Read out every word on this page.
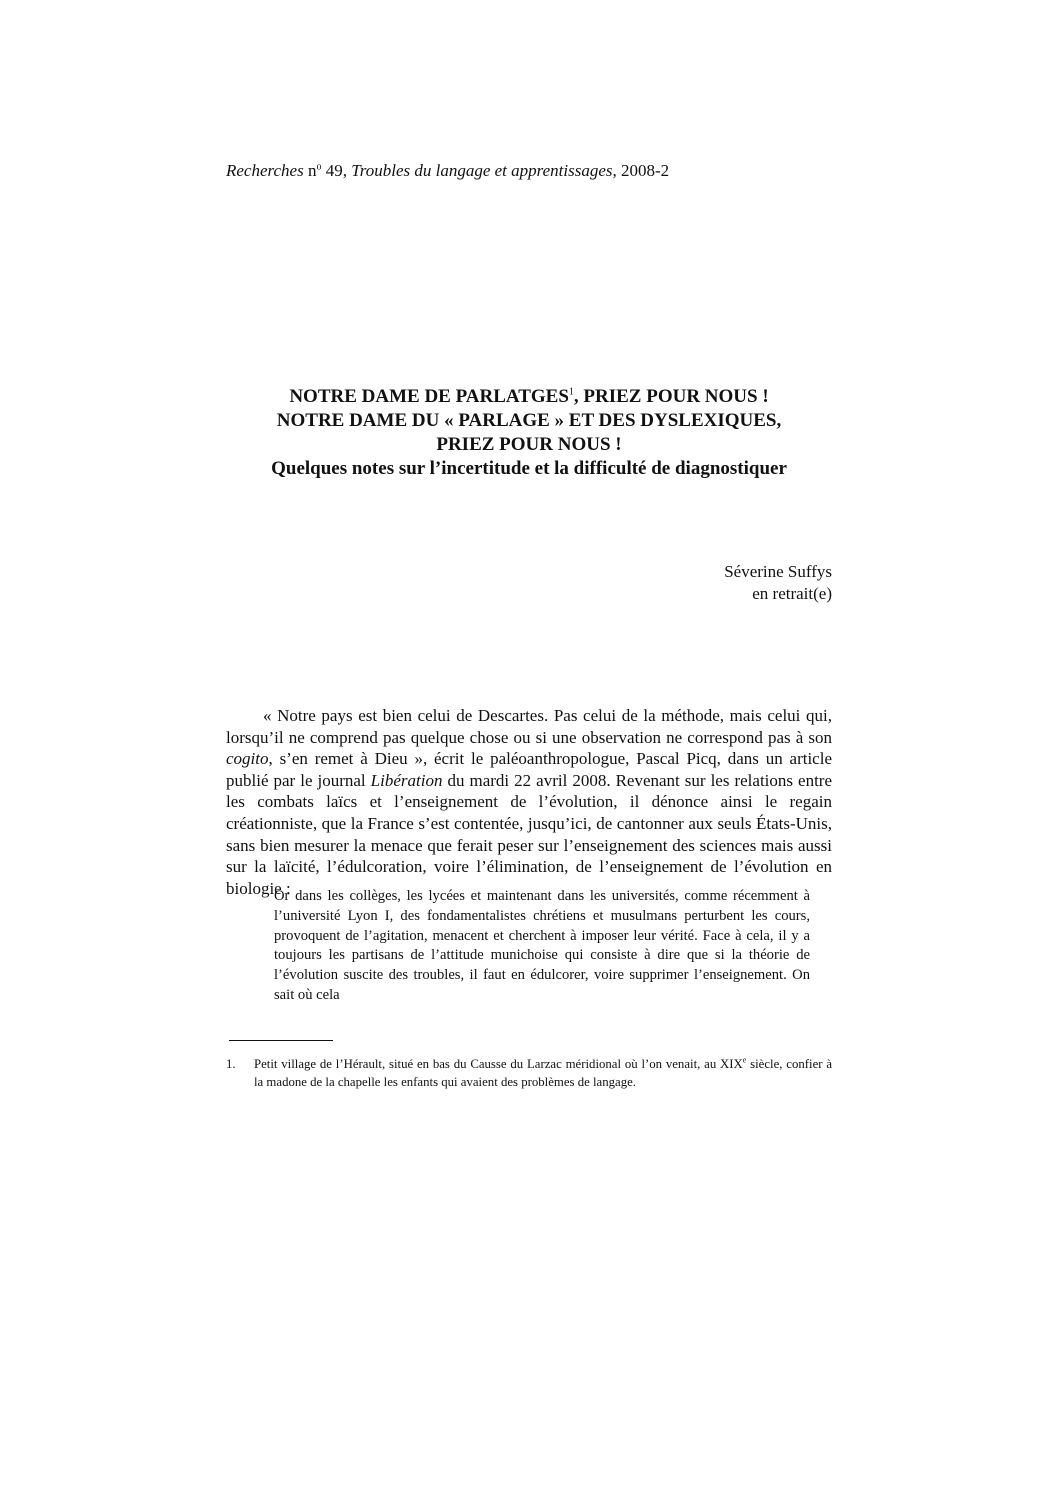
Recherches $n^o$ 49, Troubles du langage et apprentissages, 2008-2
NOTRE DAME DE PARLATGES$^1$, PRIEZ POUR NOUS !
NOTRE DAME DU « PARLAGE » ET DES DYSLEXIQUES,
PRIEZ POUR NOUS !
Quelques notes sur l’incertitude et la difficulté de diagnostiquer
Séverine Suffys
en retrait(e)

« Notre pays est bien celui de Descartes. Pas celui de la méthode, mais celui qui, lorsqu’il ne comprend pas quelque chose ou si une observation ne correspond pas à son cogito, s’en remet à Dieu », écrit le paléoanthropologue, Pascal Picq, dans un article publié par le journal Libération du mardi 22 avril 2008. Revenant sur les relations entre les combats laïcs et l’enseignement de l’évolution, il dénonce ainsi le regain créationniste, que la France s’est contentée, jusqu’ici, de cantonner aux seuls États-Unis, sans bien mesurer la menace que ferait peser sur l’enseignement des sciences mais aussi sur la laïcité, l’édulcoration, voire l’élimination, de l’enseignement de l’évolution en biologie :

Or dans les collèges, les lycées et maintenant dans les universités, comme récemment à l’université Lyon I, des fondamentalistes chrétiens et musulmans perturbent les cours, provoquent de l’agitation, menacent et cherchent à imposer leur vérité. Face à cela, il y a toujours les partisans de l’attitude munichoise qui consiste à dire que si la théorie de l’évolution suscite des troubles, il faut en édulcorer, voire supprimer l’enseignement. On sait où cela

1. Petit village de l’Hérault, situé en bas du Causse du Larzac méridional où l’on venait, au XIXe siècle, confier à la madone de la chapelle les enfants qui avaient des problèmes de langage.
